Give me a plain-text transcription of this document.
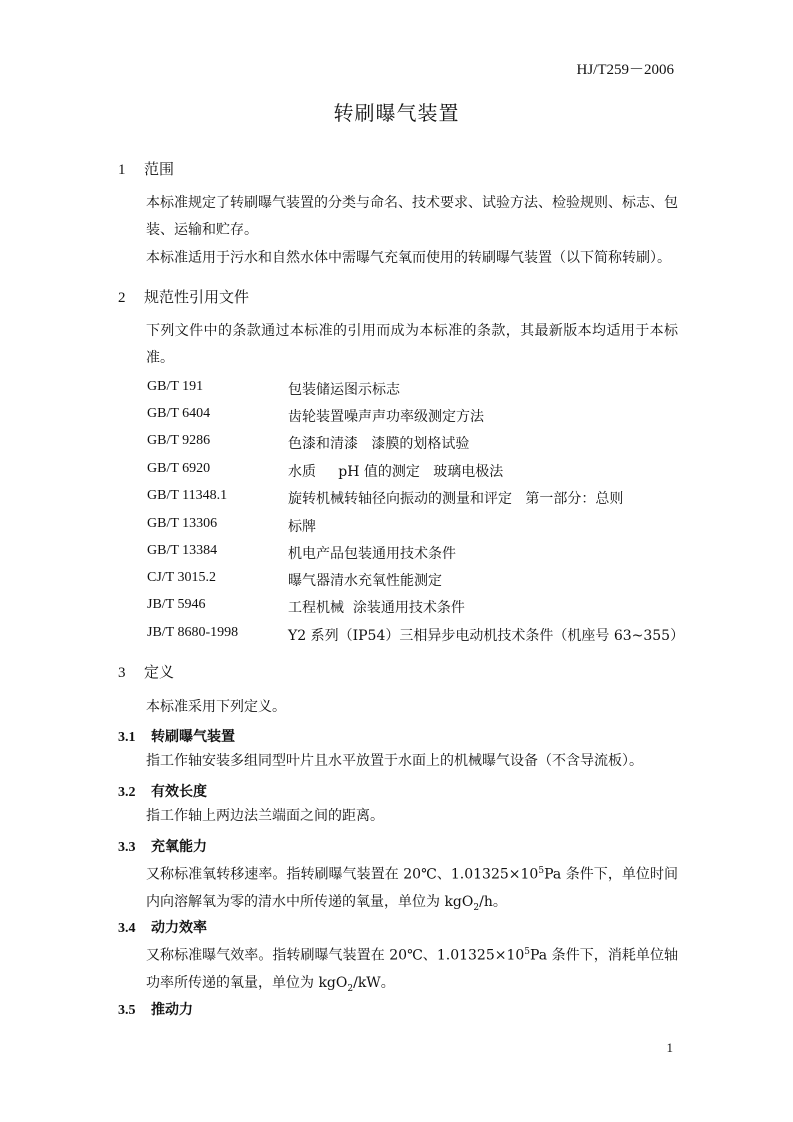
HJ/T259－2006
转刷曝气装置
1 范围
本标准规定了转刷曝气装置的分类与命名、技术要求、试验方法、检验规则、标志、包装、运输和贮存。
本标准适用于污水和自然水体中需曝气充氧而使用的转刷曝气装置（以下简称转刷）。
2 规范性引用文件
下列文件中的条款通过本标准的引用而成为本标准的条款，其最新版本均适用于本标准。
GB/T 191	包装储运图示标志
GB/T 6404	齿轮装置噪声声功率级测定方法
GB/T 9286	色漆和清漆   漆膜的划格试验
GB/T 6920	水质     pH 值的测定   玻璃电极法
GB/T 11348.1	旋转机械转轴径向振动的测量和评定   第一部分：总则
GB/T 13306	标牌
GB/T 13384	机电产品包装通用技术条件
CJ/T 3015.2	曝气器清水充氧性能测定
JB/T 5946	工程机械  涂装通用技术条件
JB/T 8680-1998	Y2 系列（IP54）三相异步电动机技术条件（机座号 63~355）
3 定义
本标准采用下列定义。
3.1 转刷曝气装置
指工作轴安装多组同型叶片且水平放置于水面上的机械曝气设备（不含导流板）。
3.2 有效长度
指工作轴上两边法兰端面之间的距离。
3.3 充氧能力
又称标准氧转移速率。指转刷曝气装置在 20℃、$1.01325\times 10^5Pa$ 条件下，单位时间内向溶解氧为零的清水中所传递的氧量，单位为 kgO$_2$/h。
3.4 动力效率
又称标准曝气效率。指转刷曝气装置在 20℃、$1.01325\times 10^5Pa$ 条件下，消耗单位轴功率所传递的氧量，单位为 kgO$_2$/kW。
3.5 推动力
1
